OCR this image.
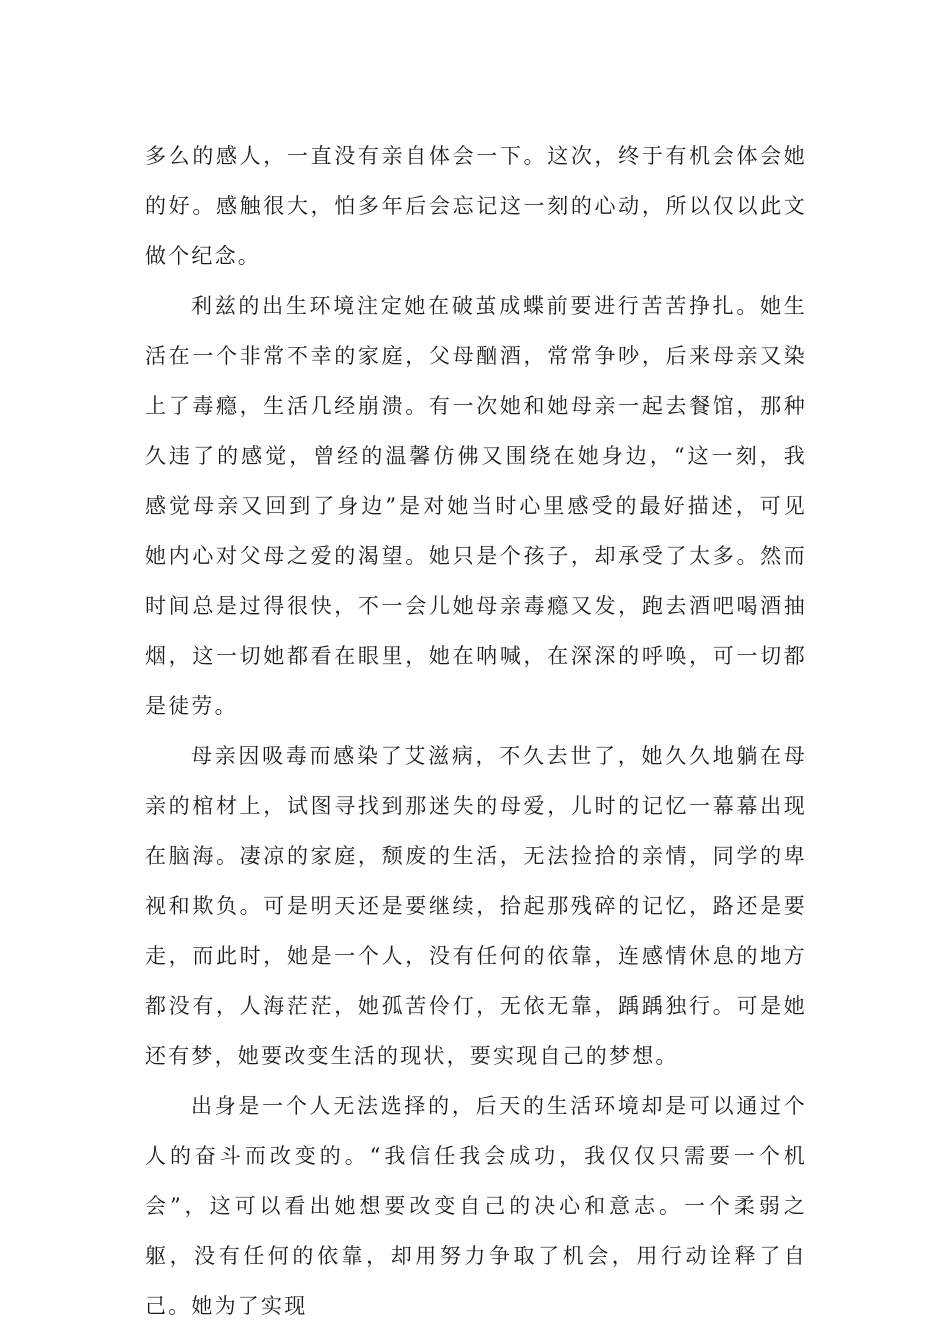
多么的感人，一直没有亲自体会一下。这次，终于有机会体会她的好。感触很大，怕多年后会忘记这一刻的心动，所以仅以此文做个纪念。

利兹的出生环境注定她在破茧成蝶前要进行苦苦挣扎。她生活在一个非常不幸的家庭，父母酗酒，常常争吵，后来母亲又染上了毒瘾，生活几经崩溃。有一次她和她母亲一起去餐馆，那种久违了的感觉，曾经的温馨仿佛又围绕在她身边，“这一刻，我感觉母亲又回到了身边”是对她当时心里感受的最好描述，可见她内心对父母之爱的渴望。她只是个孩子，却承受了太多。然而时间总是过得很快，不一会儿她母亲毒瘾又发，跑去酒吧喝酒抽烟，这一切她都看在眼里，她在呐喊，在深深的呼唤，可一切都是徒劳。

母亲因吸毒而感染了艾滋病，不久去世了，她久久地躺在母亲的棺材上，试图寻找到那迷失的母爱，儿时的记忆一幕幕出现在脑海。凄凉的家庭，颓废的生活，无法捡拾的亲情，同学的卑视和欺负。可是明天还是要继续，拾起那残碎的记忆，路还是要走，而此时，她是一个人，没有任何的依靠，连感情休息的地方都没有，人海茫茫，她孤苦伶仃，无依无靠，踽踽独行。可是她还有梦，她要改变生活的现状，要实现自己的梦想。

出身是一个人无法选择的，后天的生活环境却是可以通过个人的奋斗而改变的。“我信任我会成功，我仅仅只需要一个机会”，这可以看出她想要改变自己的决心和意志。一个柔弱之躯，没有任何的依靠，却用努力争取了机会，用行动诠释了自己。她为了实现
